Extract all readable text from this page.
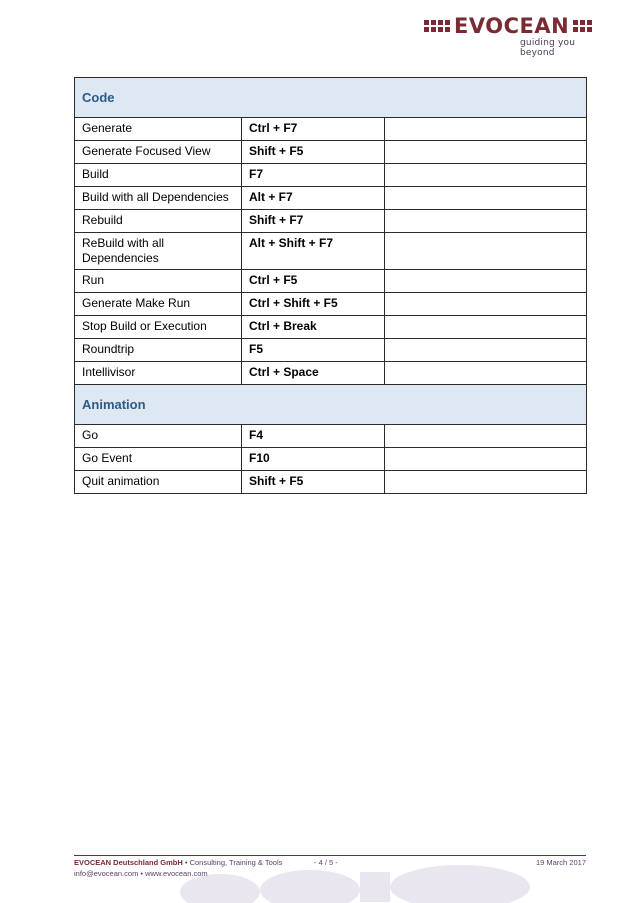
EVOCEAN
guiding you beyond
Code		
Generate	Ctrl + F7	
Generate Focused View	Shift + F5	
Build	F7	
Build with all Dependencies	Alt + F7	
Rebuild	Shift + F7	
ReBuild with all Dependencies	Alt + Shift + F7	
Run	Ctrl + F5	
Generate Make Run	Ctrl + Shift + F5	
Stop Build or Execution	Ctrl + Break	
Roundtrip	F5	
Intellivisor	Ctrl + Space	
Animation		
Go	F4	
Go Event	F10	
Quit animation	Shift + F5	
EVOCEAN Deutschland GmbH • Consulting, Training & Tools
info@evocean.com • www.evocean.com
- 4 / 5 -	19 March 2017
